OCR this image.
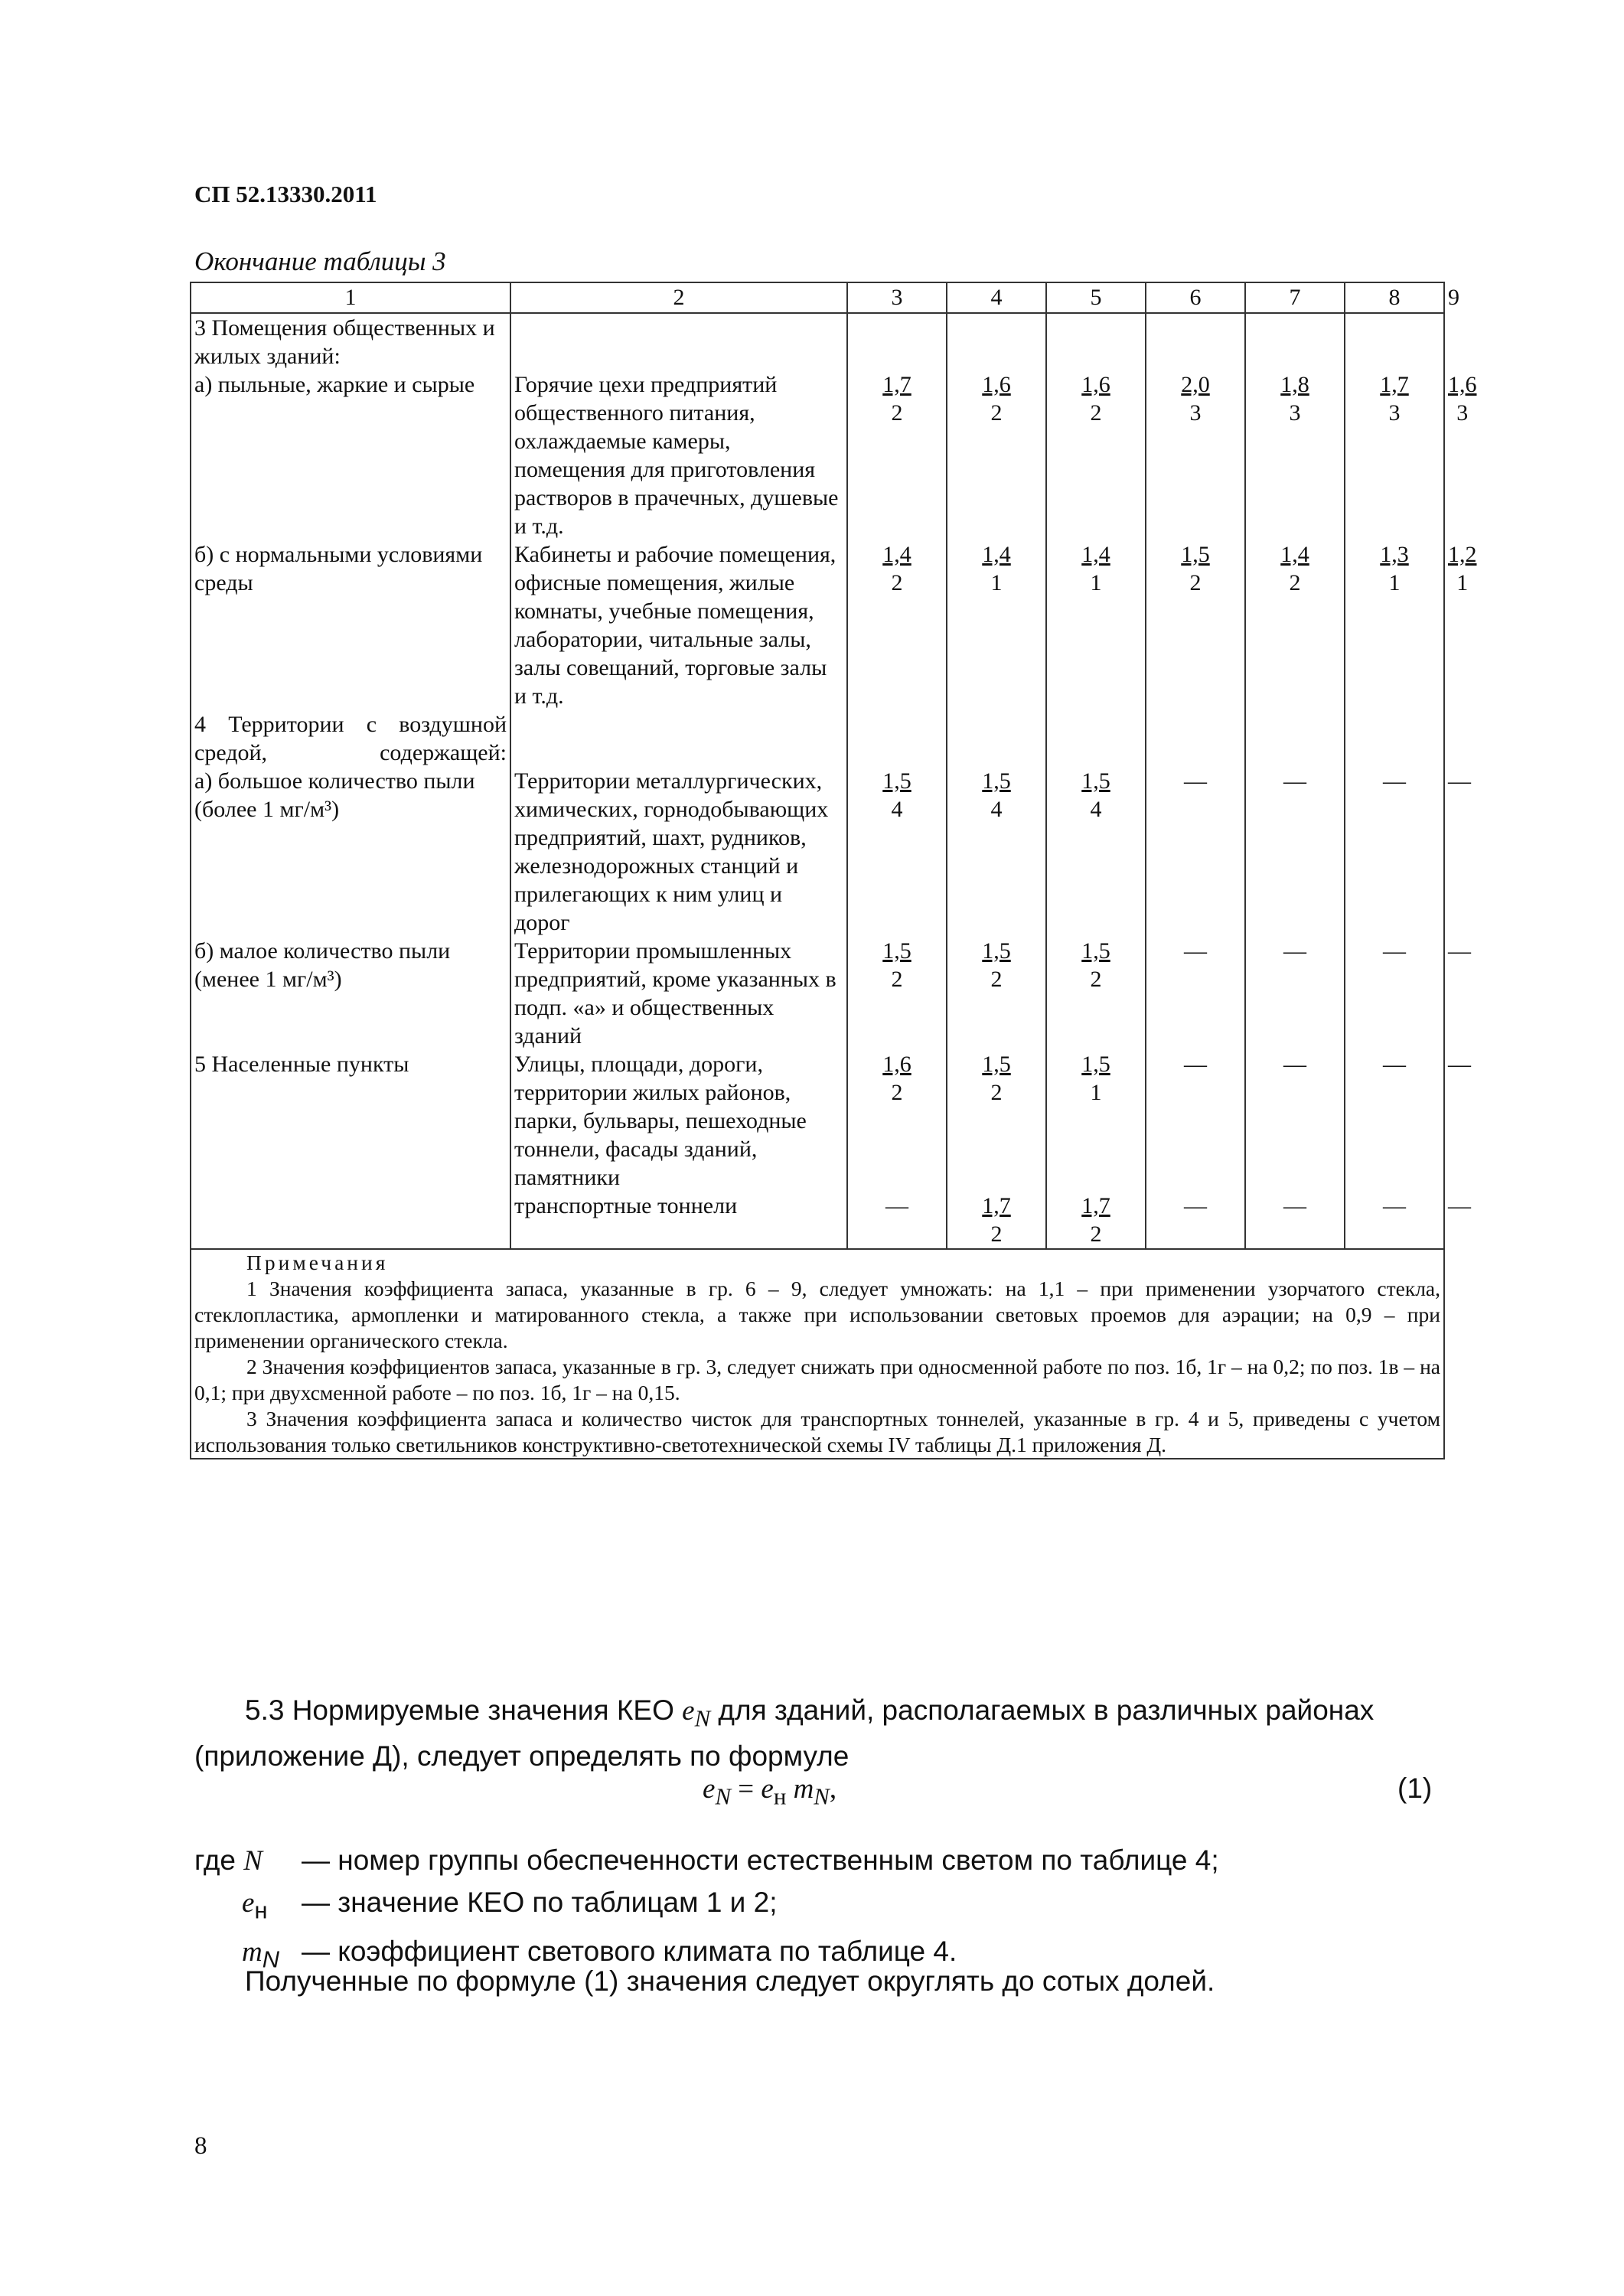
СП 52.13330.2011
Окончание таблицы 3
1	2	3	4	5	6	7	8	9
3 Помещения общественных и жилых зданий:								
а) пыльные, жаркие и сырые	Горячие цехи предприятий общественного питания, охлаждаемые камеры, помещения для приготовления растворов в прачечных, душевые и т.д.	$\frac{1,7}{2}$	$\frac{1,6}{2}$	$\frac{1,6}{2}$	$\frac{2,0}{3}$	$\frac{1,8}{3}$	$\frac{1,7}{3}$	$\frac{1,6}{3}$

б) с нормальными условиями среды	Кабинеты и рабочие помещения, офисные помещения, жилые комнаты, учебные помещения, лаборатории, читальные залы, залы совещаний, торговые залы и т.д.	$\frac{1,4}{2}$	$\frac{1,4}{1}$	$\frac{1,4}{1}$	$\frac{1,5}{2}$	$\frac{1,4}{2}$	$\frac{1,3}{1}$	$\frac{1,2}{1}$

4 Территории с воздушной средой, содержащей:								
а) большое количество пыли (более 1 мг/м³)	Территории металлургических, химических, горнодобывающих предприятий, шахт, рудников, железнодорожных станций и прилегающих к ним улиц и дорог	$\frac{1,5}{4}$	$\frac{1,5}{4}$	$\frac{1,5}{4}$	—	—	—	—
б) малое количество пыли (менее 1 мг/м³)	Территории промышленных предприятий, кроме указанных в подп. «а» и общественных зданий	$\frac{1,5}{2}$	$\frac{1,5}{2}$	$\frac{1,5}{2}$	—	—	—	—
5 Населенные пункты	Улицы, площади, дороги, территории жилых районов, парки, бульвары, пешеходные тоннели, фасады зданий, памятники	$\frac{1,6}{2}$	$\frac{1,5}{2}$	$\frac{1,5}{1}$	—	—	—	—
	транспортные тоннели	—	$\frac{1,7}{2}$	$\frac{1,7}{2}$	—	—	—	—

Примечания
1 Значения коэффициента запаса, указанные в гр. 6 – 9, следует умножать: на 1,1 – при применении узорчатого стекла, стеклопластика, армопленки и матированного стекла, а также при использовании световых проемов для аэрации; на 0,9 – при применении органического стекла.
2 Значения коэффициентов запаса, указанные в гр. 3, следует снижать при односменной работе по поз. 1б, 1г – на 0,2; по поз. 1в – на 0,1; при двухсменной работе – по поз. 1б, 1г – на 0,15.
3 Значения коэффициента запаса и количество чисток для транспортных тоннелей, указанные в гр. 4 и 5, приведены с учетом использования только светильников конструктивно-светотехнической схемы IV таблицы Д.1 приложения Д.								
5.3 Нормируемые значения КЕО $e_N$ для зданий, располагаемых в различных районах (приложение Д), следует определять по формуле
$e_N = e_н$ $m_N$,	(1)
где N	— номер группы обеспеченности естественным светом по таблице 4;
$e_н$	— значение КЕО по таблицам 1 и 2;
$m_N$ — коэффициент светового климата по таблице 4.
Полученные по формуле (1) значения следует округлять до сотых долей.
8
